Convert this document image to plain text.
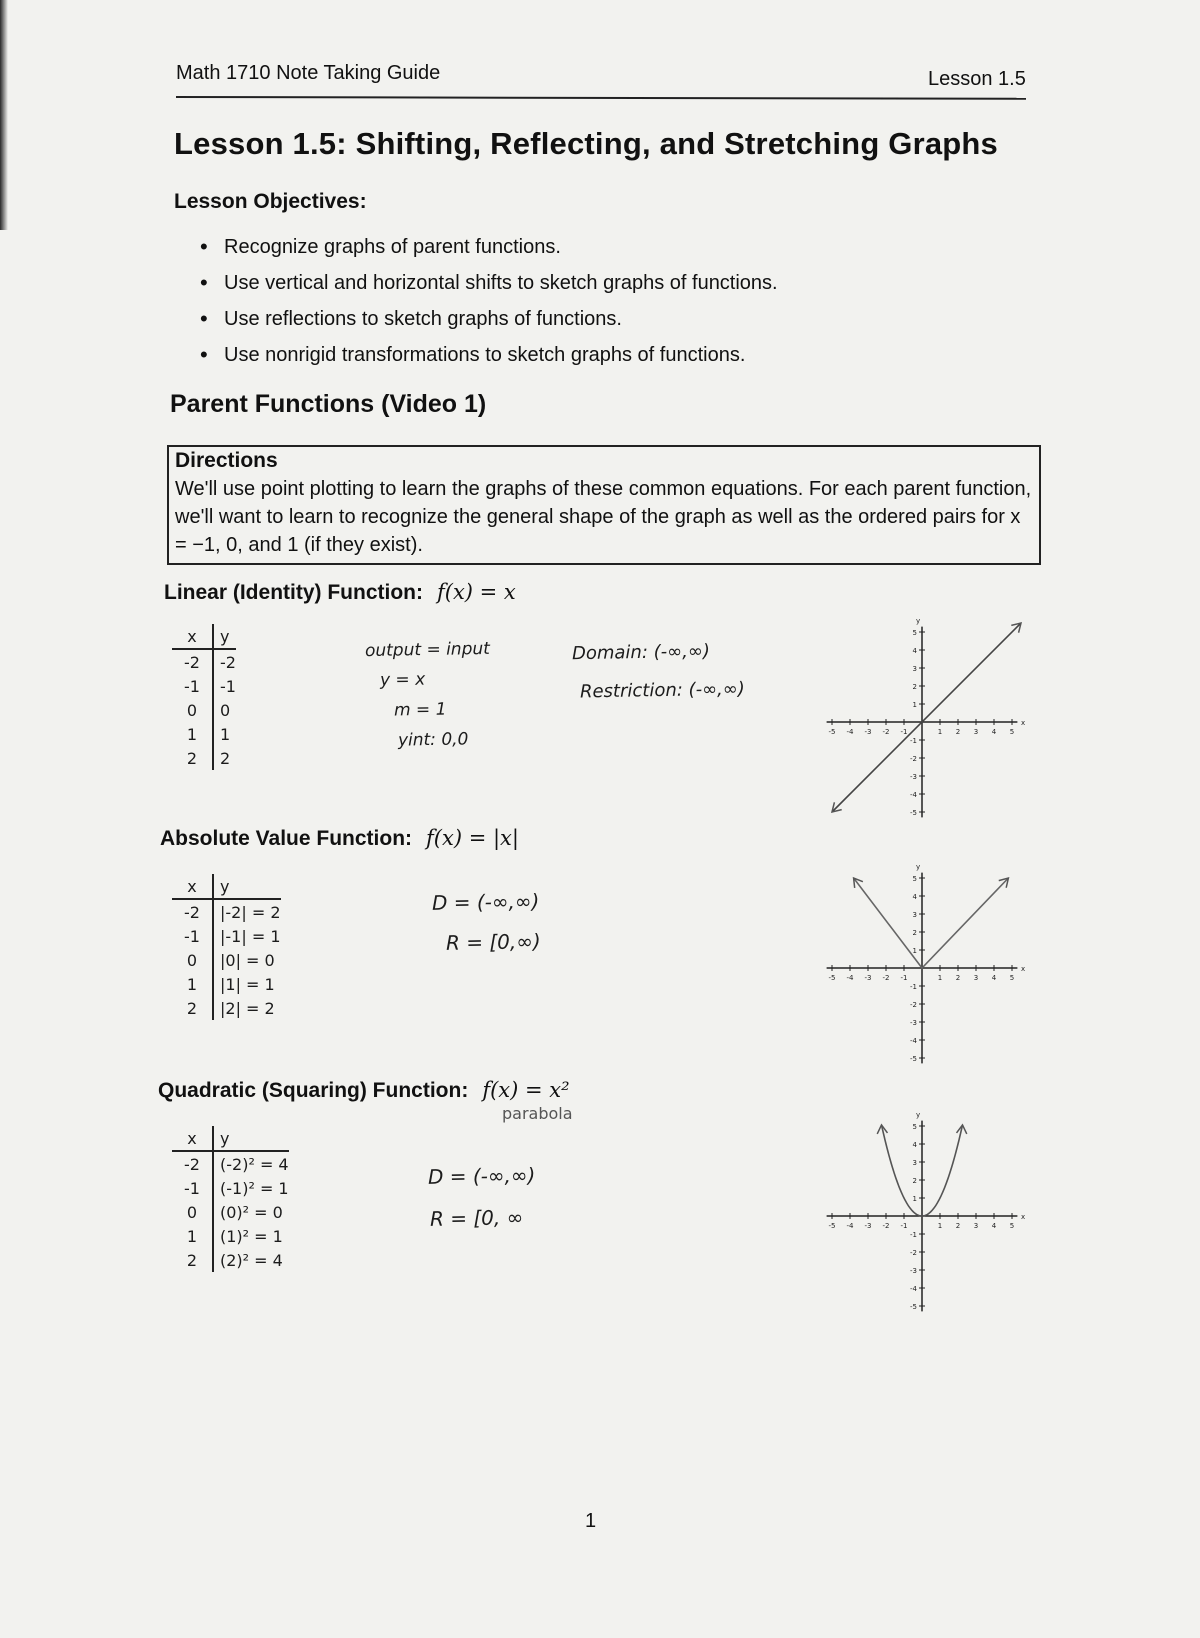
Math 1710 Note Taking Guide	Lesson 1.5
Lesson 1.5: Shifting, Reflecting, and Stretching Graphs
Lesson Objectives:
• Recognize graphs of parent functions.
• Use vertical and horizontal shifts to sketch graphs of functions.
• Use reflections to sketch graphs of functions.
• Use nonrigid transformations to sketch graphs of functions.
Parent Functions (Video 1)
Directions
We'll use point plotting to learn the graphs of these common equations. For each parent function, we'll want to learn to recognize the general shape of the graph as well as the ordered pairs for x = −1, 0, and 1 (if they exist).
Linear (Identity) Function: f(x) = x
x	y
-2	-2
-1	-1
0	0
1	1
2	2
output = input
y = x
m = 1
yint: 0,0
Domain: (-∞,∞)
Restriction: (-∞,∞)
-5
-5
-4
-4
-3
-3
-2
-2
-1
-1
1
1
2
2
3
3
4
4
5
5
x
y
Absolute Value Function: f(x) = |x|
x	y
-2	|-2| = 2
-1	|-1| = 1
0	|0| = 0
1	|1| = 1
2	|2| = 2
D = (-∞,∞)
R = [0,∞)
-5
-5
-4
-4
-3
-3
-2
-2
-1
-1
1
1
2
2
3
3
4
4
5
5
x
y
Quadratic (Squaring) Function: f(x) = x²
parabola
x	y
-2	(-2)² = 4
-1	(-1)² = 1
0	(0)² = 0
1	(1)² = 1
2	(2)² = 4
D = (-∞,∞)
R = [0, ∞	-5
-5
-4
-4
-3
-3
-2
-2
-1
-1
1
1
2
2
3
3
4
4
5
5
x
y
1
